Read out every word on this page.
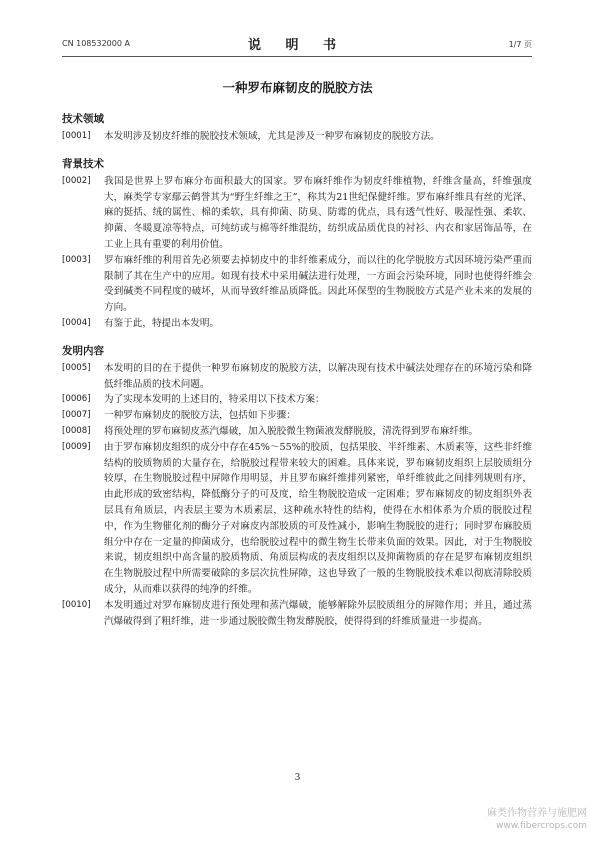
CN 108532000 A	说 明 书	1/7 页
一种罗布麻韧皮的脱胶方法
技术领域
[0001]	本发明涉及韧皮纤维的脱胶技术领域，尤其是涉及一种罗布麻韧皮的脱胶方法。
背景技术
[0002]	我国是世界上罗布麻分布面积最大的国家。罗布麻纤维作为韧皮纤维植物，纤维含量高，纤维强度大，麻类学专家鄢云鹤誉其为“野生纤维之王”，称其为21世纪保健纤维。罗布麻纤维具有丝的光泽、麻的挺括、绒的属性、棉的柔软，具有抑菌、防臭、防霉的优点，具有透气性好、吸湿性强、柔软、抑菌、冬暖夏凉等特点，可纯纺或与棉等纤维混纺，纺织成品质优良的衬衫、内衣和家居饰品等，在工业上具有重要的利用价值。
[0003]	罗布麻纤维的利用首先必须要去掉韧皮中的非纤维素成分，而以往的化学脱胶方式因环境污染严重而限制了其在生产中的应用。如现有技术中采用碱法进行处理，一方面会污染环境，同时也使得纤维会受到碱类不同程度的破坏，从而导致纤维品质降低。因此环保型的生物脱胶方式是产业未来的发展的方向。
[0004]	有鉴于此，特提出本发明。
发明内容
[0005]	本发明的目的在于提供一种罗布麻韧皮的脱胶方法，以解决现有技术中碱法处理存在的环境污染和降低纤维品质的技术问题。
[0006]	为了实现本发明的上述目的，特采用以下技术方案：
[0007]	一种罗布麻韧皮的脱胶方法，包括如下步骤：
[0008]	将预处理的罗布麻韧皮蒸汽爆破，加入脱胶微生物菌液发酵脱胶，清洗得到罗布麻纤维。
[0009]	由于罗布麻韧皮组织的成分中存在45%～55%的胶质，包括果胶、半纤维素、木质素等，这些非纤维结构的胶质物质的大量存在，给脱胶过程带来较大的困难。具体来说，罗布麻韧皮组织上层胶质组分较厚，在生物脱胶过程中屏障作用明显，并且罗布麻纤维排列紧密，单纤维彼此之间排列规则有序，由此形成的致密结构，降低酶分子的可及度，给生物脱胶造成一定困难；罗布麻韧皮的韧皮组织外表层具有角质层，内表层主要为木质素层，这种疏水特性的结构，使得在水相体系为介质的脱胶过程中，作为生物催化剂的酶分子对麻皮内部胶质的可及性减小，影响生物脱胶的进行；同时罗布麻胶质组分中存在一定量的抑菌成分，也给脱胶过程中的微生物生长带来负面的效果。因此，对于生物脱胶来说，韧皮组织中高含量的胶质物质、角质层构成的表皮组织以及抑菌物质的存在是罗布麻韧皮组织在生物脱胶过程中所需要破除的多层次抗性屏障，这也导致了一般的生物脱胶技术难以彻底清除胶质成分，从而难以获得的纯净的纤维。
[0010]	本发明通过对罗布麻韧皮进行预处理和蒸汽爆破，能够解除外层胶质组分的屏障作用；并且，通过蒸汽爆破得到了粗纤维，进一步通过脱胶微生物发酵脱胶，使得得到的纤维质量进一步提高。
3
麻类作物营养与施肥网
www.fibercrops.com
